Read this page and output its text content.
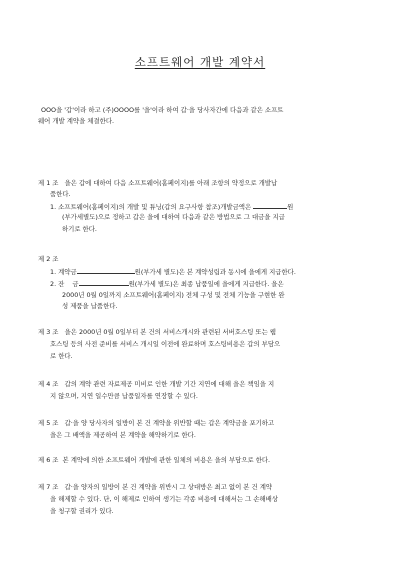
소프트웨어 개발 계약서
OOO을 '갑'이라 하고 (주)OOOO를 '을'이라 하여 갑·을 당사자간에 다음과 같은 소프트
웨어 개발 계약을 체결한다.
제 1 조   을은 갑에 대하여 다음 소프트웨어(홈페이지)를 아래 조항의 약정으로 개발납
품한다.
1. 소프트웨어(홈페이지)의 개발 및 튜닝(갑의 요구사항 참조)개발금액은	원
(부가세별도)으로 정하고 갑은 을에 대하여 다음과 같은 방법으로 그 대금을 지급
하기로 한다.
제 2 조
1. 계약금	원(부가세 별도)은 본 계약성립과 동시에 을에게 지급한다.
2. 잔    금	원(부가세 별도)은 최종 납품일에 을에게 지급한다. 을은
2000년 0월 0일까지 소프트웨어(홈페이지) 전체 구성 및 전체 기능을 구현한 완
성 제품을 납품한다.
제 3 조   을은 2000년 0월 0일부터 본 건의 서비스개시와 관련된 서버호스팅 또는 웹
호스팅 등의 사전 준비를 서비스 개시일 이전에 완료하며 호스팅비용은 갑의 부담으
로 한다.
제 4 조   갑의 계약 관련 자료제공 미비로 인한 개발 기간 지연에 대해 을은 책임을 지
지 않으며, 지연 일수만큼 납품일자를 연장할 수 있다.
제 5 조   갑·을 양 당사자의 일방이 본 건 계약을 위반할 때는 갑은 계약금을 포기하고
을은 그 배액을 제공하여 본 계약을 해약하기로 한다.
제 6 조  본 계약에 의한 소프트웨어 개발에 관한 일체의 비용은 을의 부담으로 한다.
제 7 조   갑·을 양자의 일방이 본 건 계약을 위반시 그 상대방은 최고 없이 본 건 계약
을 해제할 수 있다. 단, 이 해제로 인하여 생기는 각종 비용에 대해서는 그 손해배상
을 청구할 권리가 있다.
